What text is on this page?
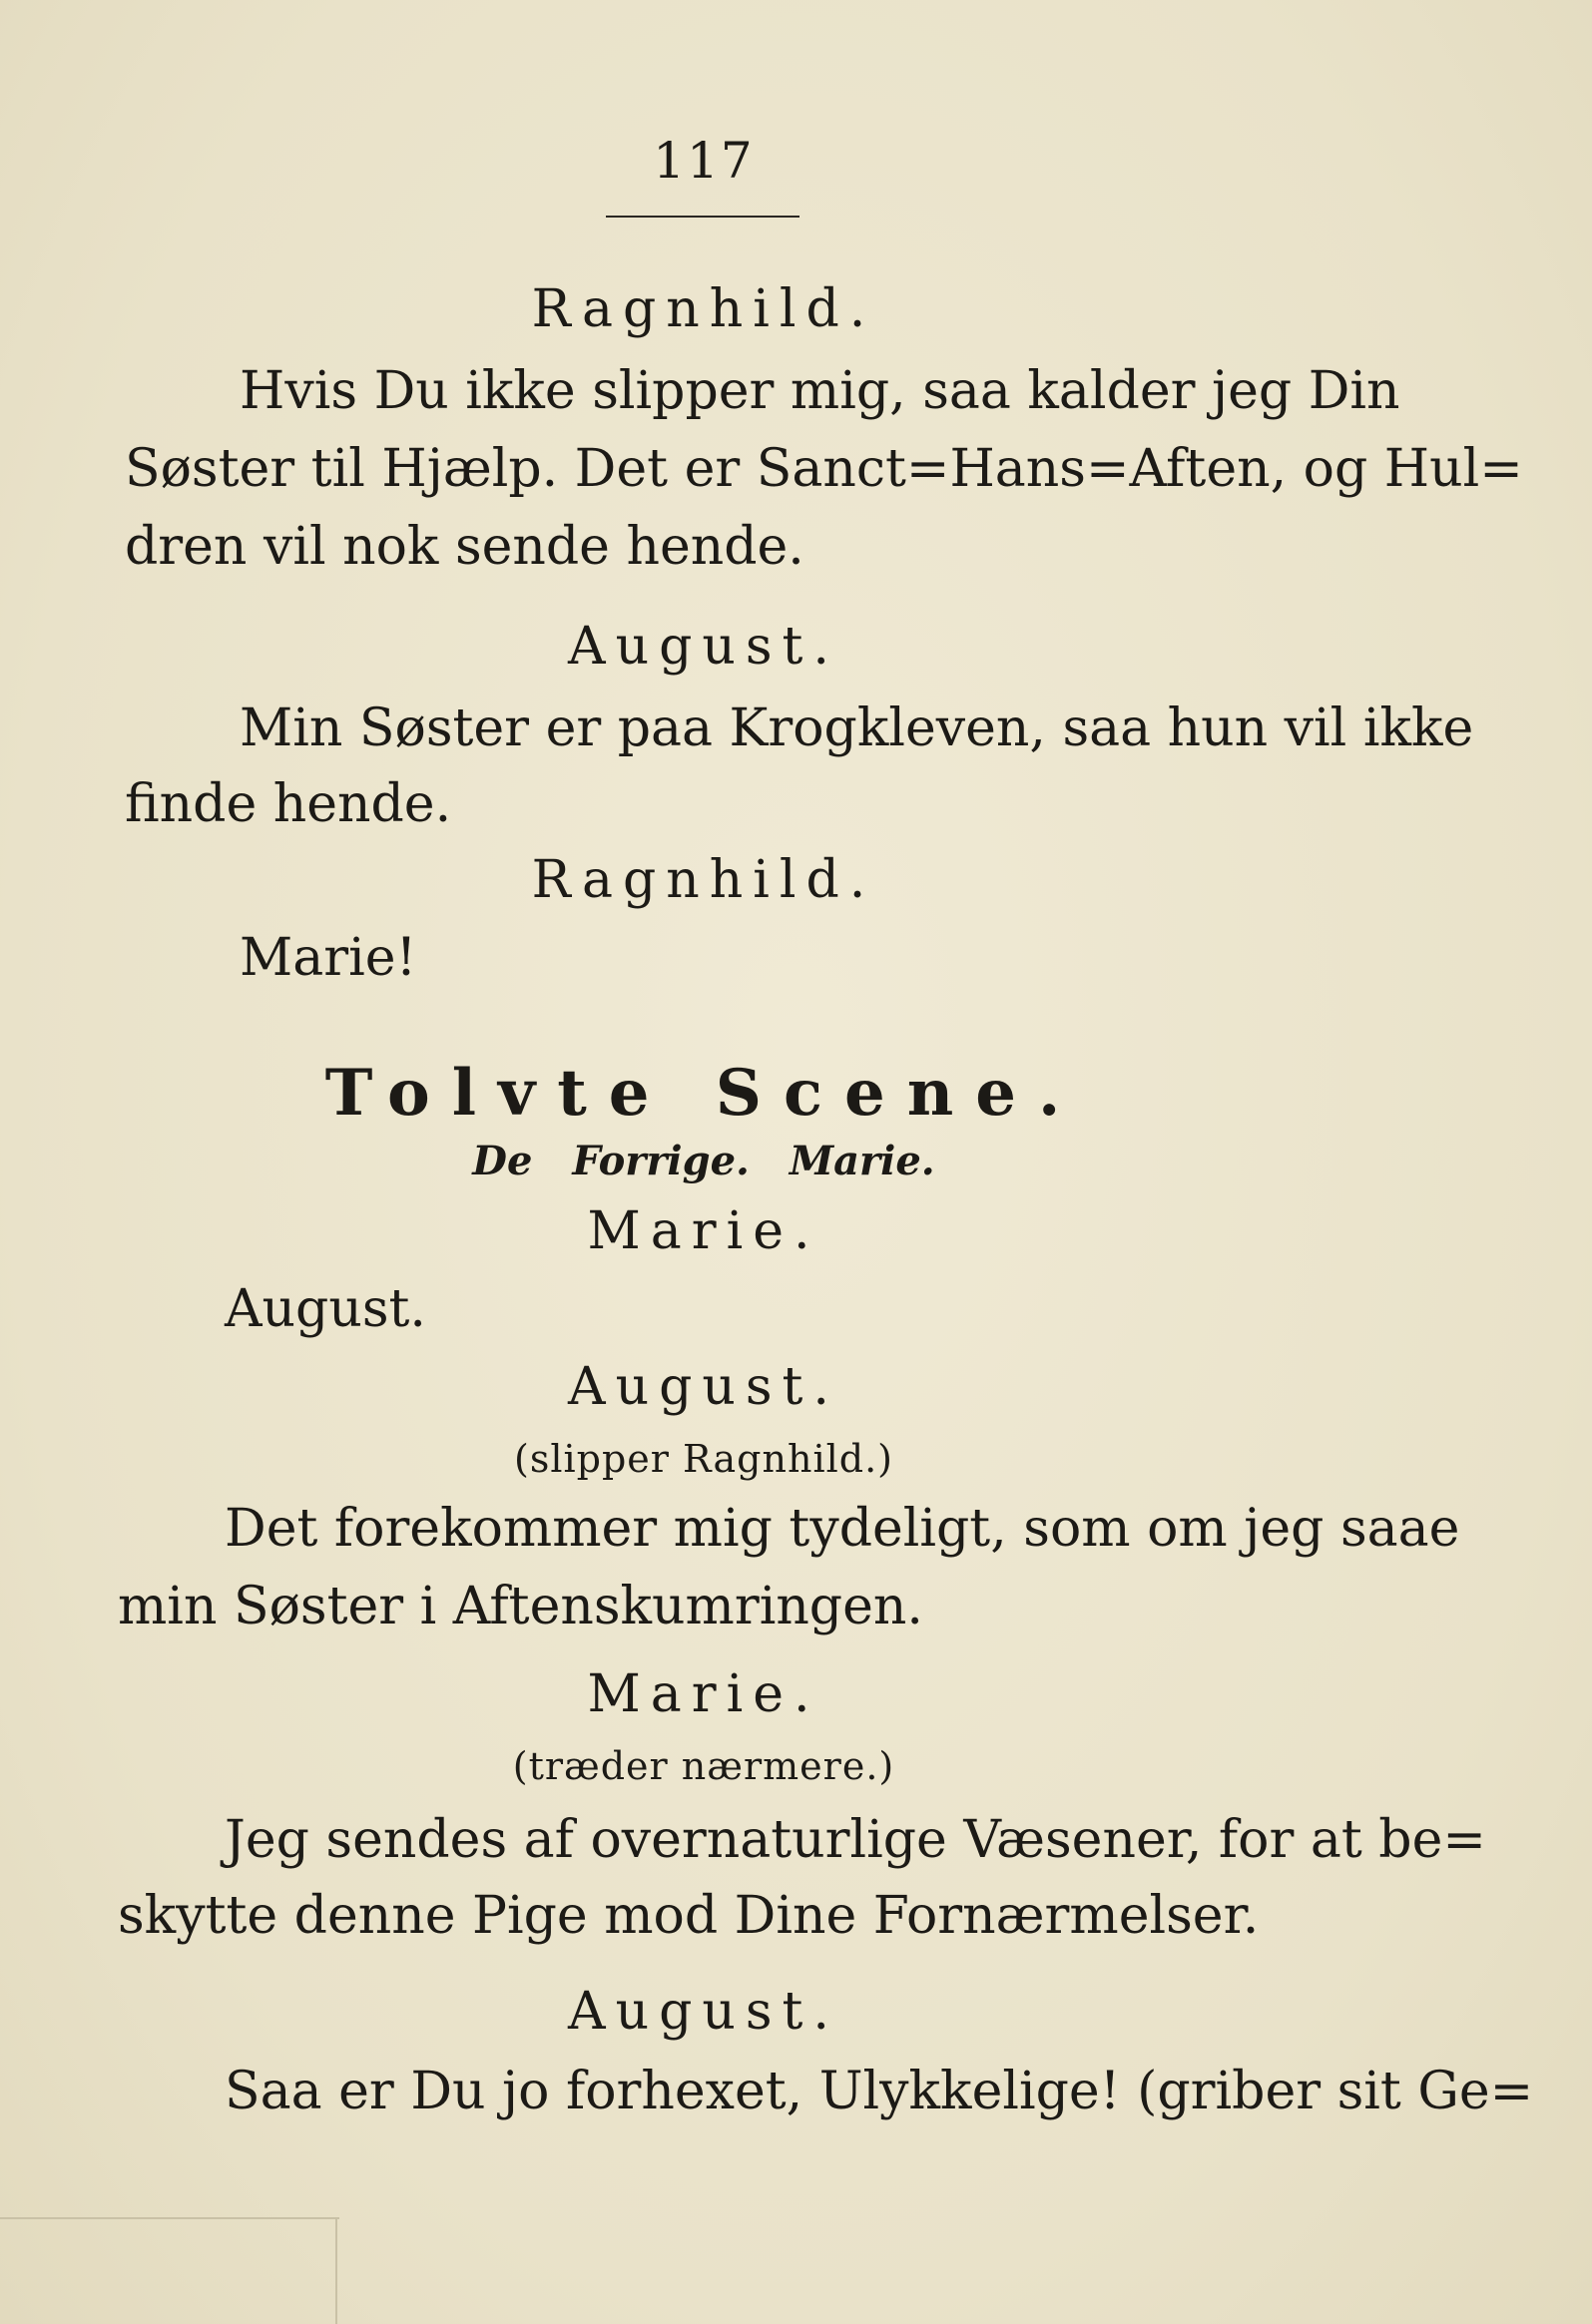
117
Ragnhild.
Hvis Du ikke slipper mig, saa kalder jeg Din
Søster til Hjælp. Det er Sanct=Hans=Aften, og Hul=
dren vil nok sende hende.
August.
Min Søster er paa Krogkleven, saa hun vil ikke
finde hende.
Ragnhild.
Marie!
Tolvte Scene.
De Forrige. Marie.
Marie.
August.
August.
(slipper Ragnhild.)
Det forekommer mig tydeligt, som om jeg saae
min Søster i Aftenskumringen.
Marie.
(træder nærmere.)
Jeg sendes af overnaturlige Væsener, for at be=
skytte denne Pige mod Dine Fornærmelser.
August.
Saa er Du jo forhexet, Ulykkelige! (griber sit Ge=
